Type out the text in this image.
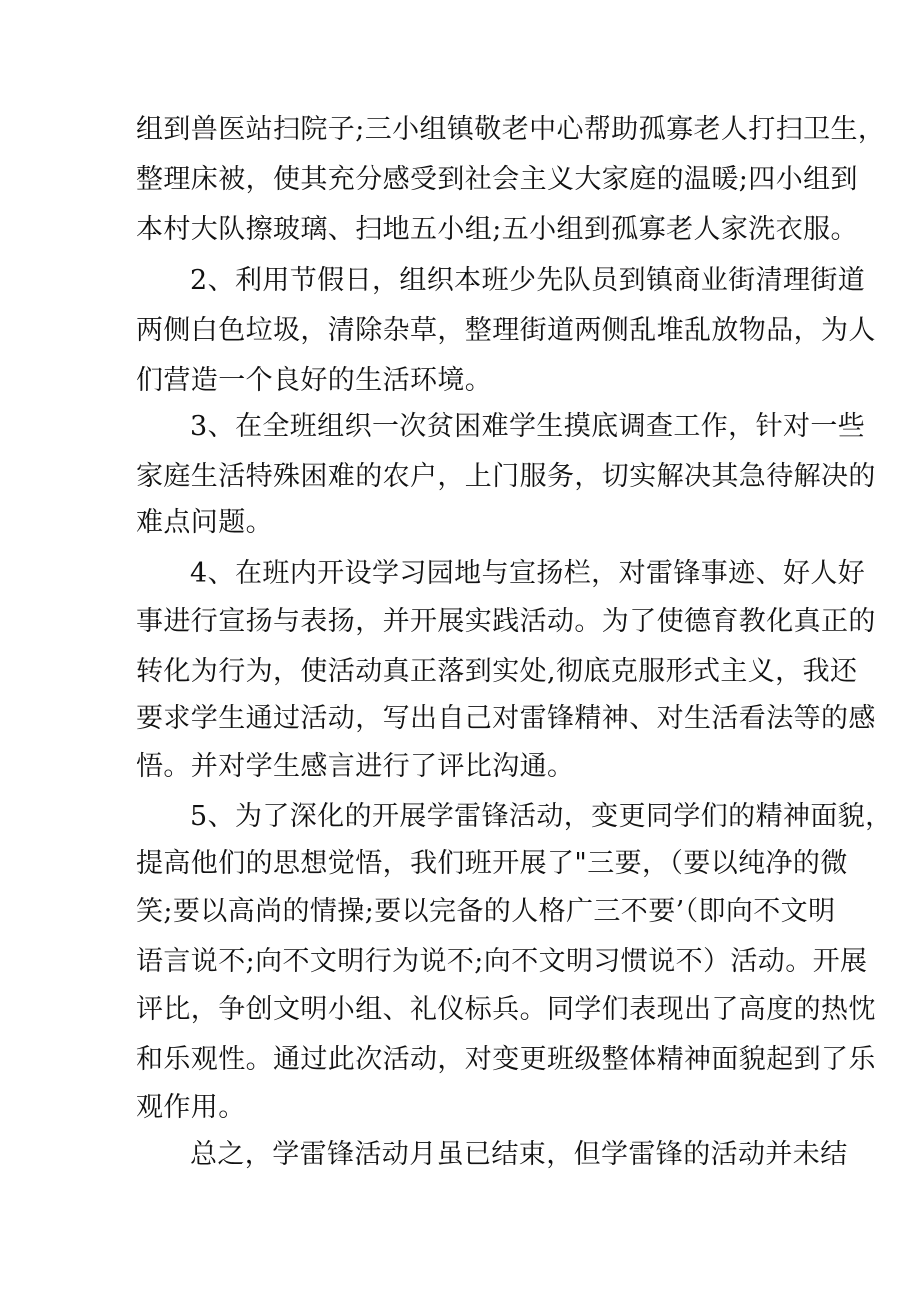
组到兽医站扫院子;三小组镇敬老中心帮助孤寡老人打扫卫生，
整理床被，使其充分感受到社会主义大家庭的温暖;四小组到
本村大队擦玻璃、扫地五小组;五小组到孤寡老人家洗衣服。
2、利用节假日，组织本班少先队员到镇商业街清理街道
两侧白色垃圾，清除杂草，整理街道两侧乱堆乱放物品，为人
们营造一个良好的生活环境。
3、在全班组织一次贫困难学生摸底调查工作，针对一些
家庭生活特殊困难的农户，上门服务，切实解决其急待解决的
难点问题。
4、在班内开设学习园地与宣扬栏，对雷锋事迹、好人好
事进行宣扬与表扬，并开展实践活动。为了使德育教化真正的
转化为行为，使活动真正落到实处,彻底克服形式主义，我还
要求学生通过活动，写出自己对雷锋精神、对生活看法等的感
悟。并对学生感言进行了评比沟通。
5、为了深化的开展学雷锋活动，变更同学们的精神面貌，
提高他们的思想觉悟，我们班开展了"三要，（要以纯净的微
笑;要以高尚的情操;要以完备的人格广三不要’（即向不文明
语言说不;向不文明行为说不;向不文明习惯说不）活动。开展
评比，争创文明小组、礼仪标兵。同学们表现出了高度的热忱
和乐观性。通过此次活动，对变更班级整体精神面貌起到了乐
观作用。
总之，学雷锋活动月虽已结束，但学雷锋的活动并未结
